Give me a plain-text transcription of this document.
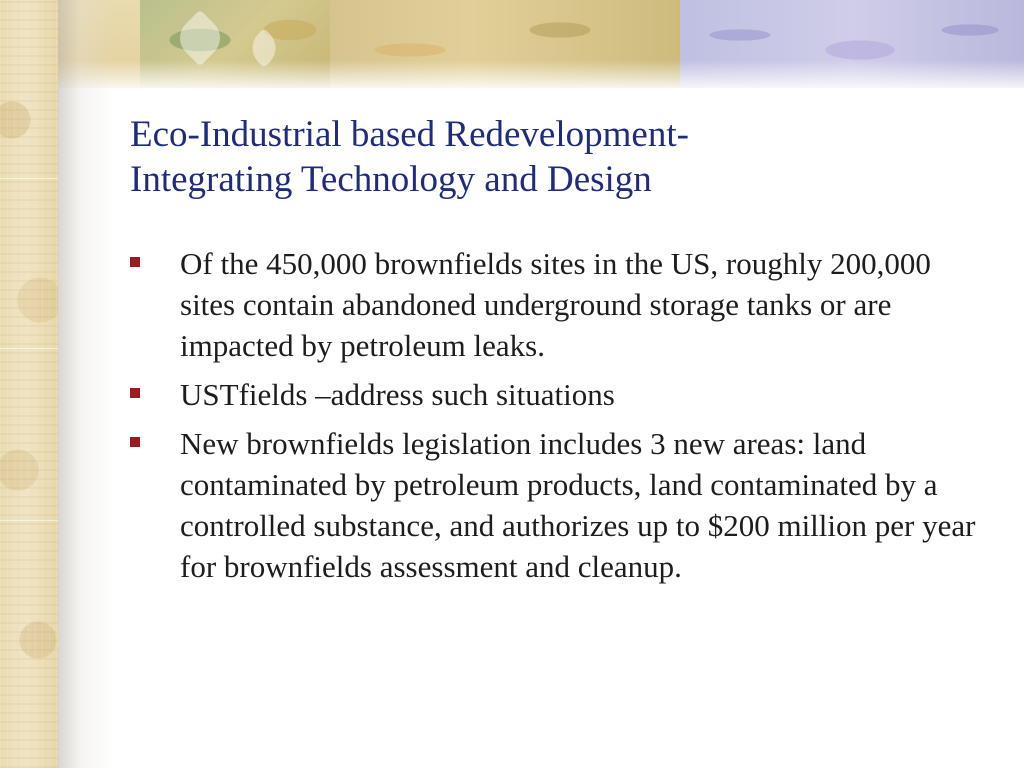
Eco-Industrial based Redevelopment-
Integrating Technology and Design
Of the 450,000 brownfields sites in the US, roughly 200,000 sites contain abandoned underground storage tanks or are impacted by petroleum leaks.
USTfields –address such situations
New brownfields legislation includes 3 new areas: land contaminated by petroleum products, land contaminated by a controlled substance, and authorizes up to $200 million per year for brownfields assessment and cleanup.
